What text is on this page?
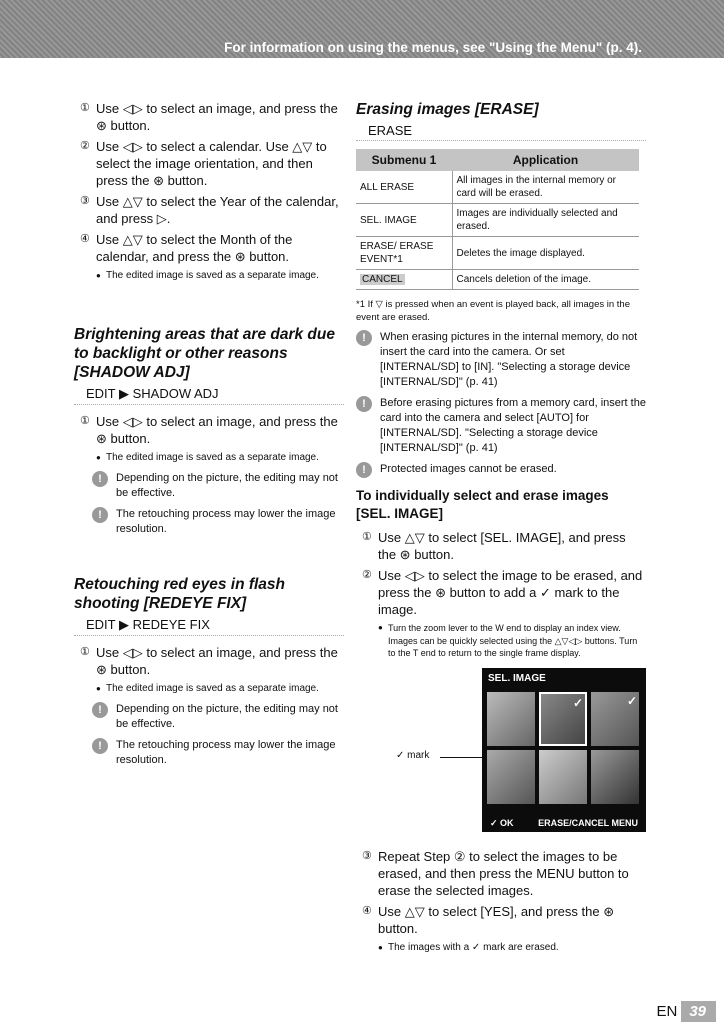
For information on using the menus, see "Using the Menu" (p. 4).
① Use ◁▷ to select an image, and press the ⊛ button.
② Use ◁▷ to select a calendar. Use △▽ to select the image orientation, and then press the ⊛ button.
③ Use △▽ to select the Year of the calendar, and press ▷.
④ Use △▽ to select the Month of the calendar, and press the ⊛ button.
● The edited image is saved as a separate image.
Brightening areas that are dark due to backlight or other reasons [SHADOW ADJ]
EDIT ▶ SHADOW ADJ
① Use ◁▷ to select an image, and press the ⊛ button.
● The edited image is saved as a separate image.
!	Depending on the picture, the editing may not be effective.
!	The retouching process may lower the image resolution.
Retouching red eyes in flash shooting [REDEYE FIX]
EDIT ▶ REDEYE FIX
① Use ◁▷ to select an image, and press the ⊛ button.
● The edited image is saved as a separate image.
!	Depending on the picture, the editing may not be effective.
!	The retouching process may lower the image resolution.
Erasing images [ERASE]
ERASE
Submenu 1	Application
ALL ERASE	All images in the internal memory or card will be erased.
SEL. IMAGE	Images are individually selected and erased.
ERASE/ ERASE EVENT*1	Deletes the image displayed.
CANCEL	Cancels deletion of the image.
*1 If ▽ is pressed when an event is played back, all images in the event are erased.
!	When erasing pictures in the internal memory, do not insert the card into the camera. Or set [INTERNAL/SD] to [IN]. "Selecting a storage device [INTERNAL/SD]" (p. 41)
!	Before erasing pictures from a memory card, insert the card into the camera and select [AUTO] for [INTERNAL/SD]. "Selecting a storage device [INTERNAL/SD]" (p. 41)
!	Protected images cannot be erased.
To individually select and erase images [SEL. IMAGE]
① Use △▽ to select [SEL. IMAGE], and press the ⊛ button.
② Use ◁▷ to select the image to be erased, and press the ⊛ button to add a ✓ mark to the image.
● Turn the zoom lever to the W end to display an index view. Images can be quickly selected using the △▽◁▷ buttons. Turn to the T end to return to the single frame display.
✓ mark
SEL. IMAGE
✓	✓
✓ OK	ERASE/CANCEL MENU
③ Repeat Step ② to select the images to be erased, and then press the MENU button to erase the selected images.
④ Use △▽ to select [YES], and press the ⊛ button.
● The images with a ✓ mark are erased.
EN 39
